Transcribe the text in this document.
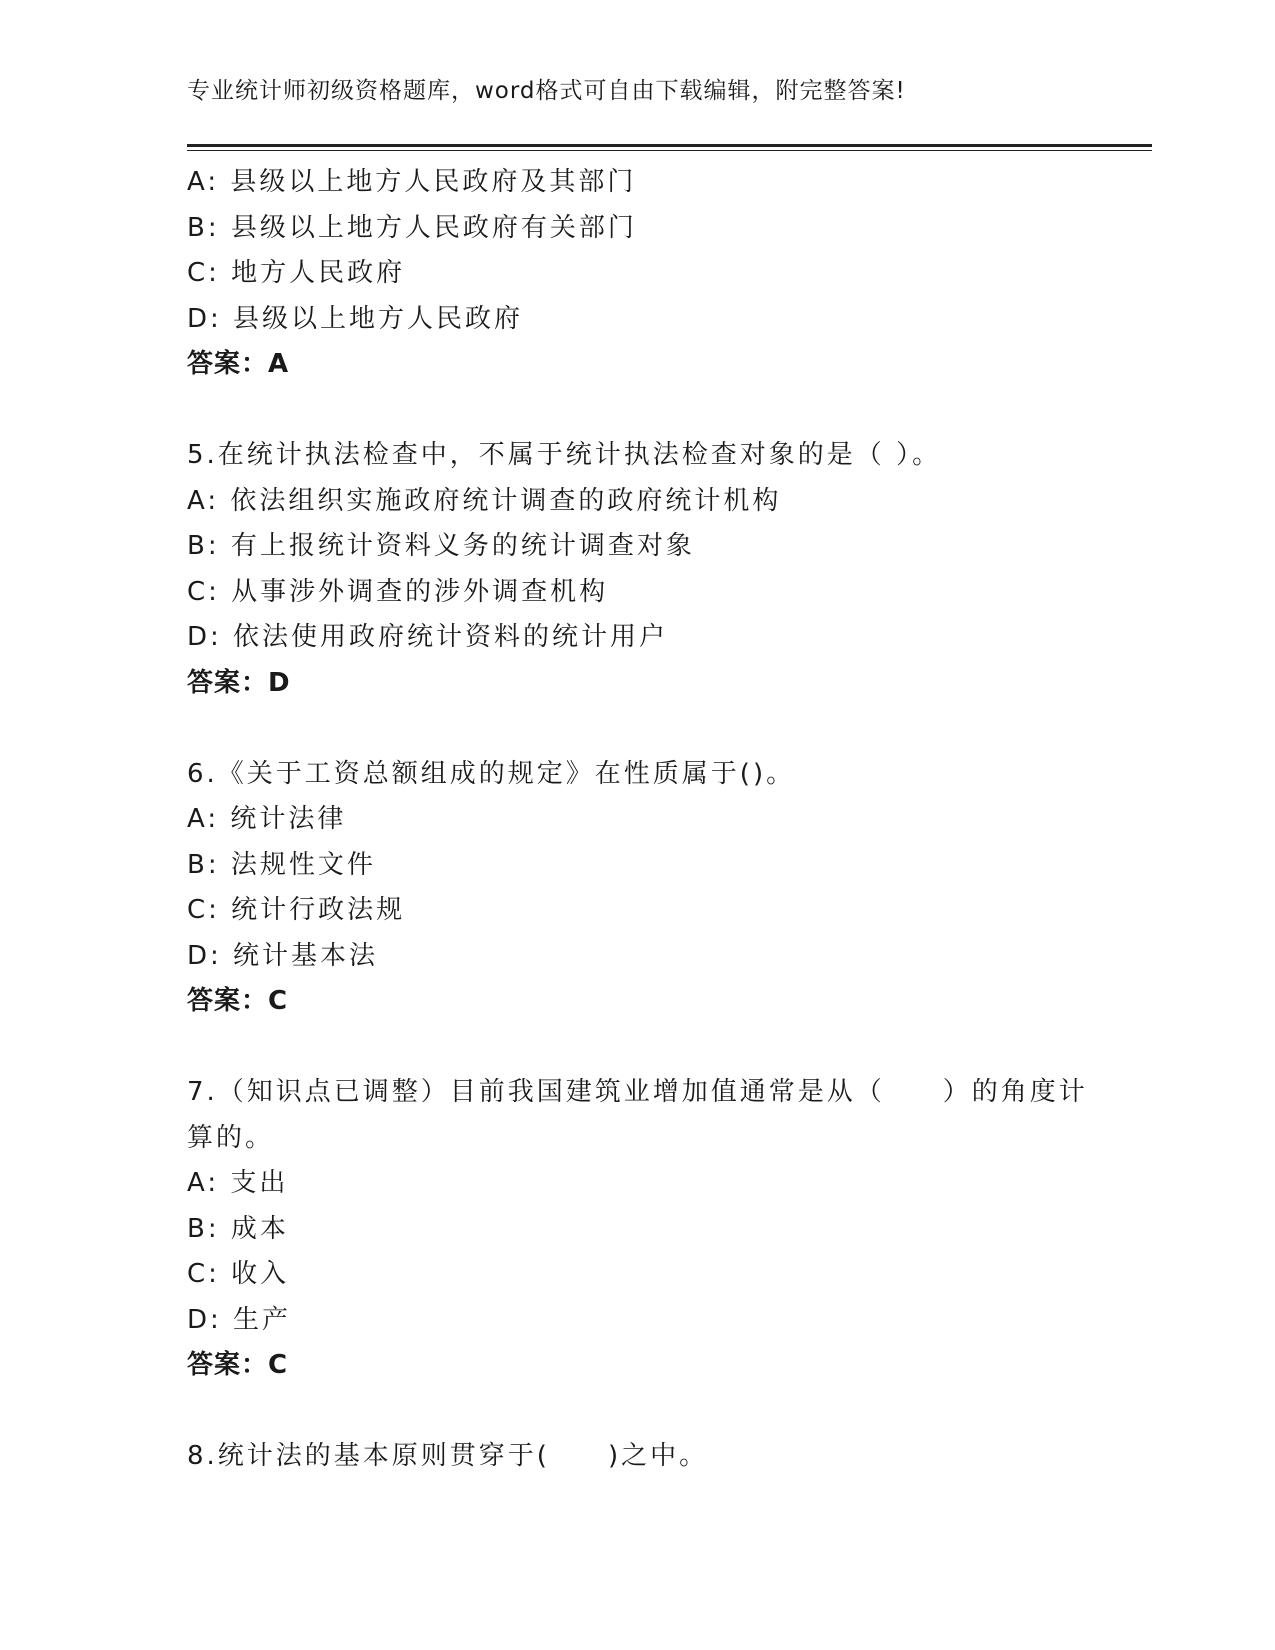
专业统计师初级资格题库，word格式可自由下载编辑，附完整答案!
A: 县级以上地方人民政府及其部门
B: 县级以上地方人民政府有关部门
C: 地方人民政府
D: 县级以上地方人民政府
答案：A
5.在统计执法检查中，不属于统计执法检查对象的是（ ）。
A: 依法组织实施政府统计调查的政府统计机构
B: 有上报统计资料义务的统计调查对象
C: 从事涉外调查的涉外调查机构
D: 依法使用政府统计资料的统计用户
答案：D
6.《关于工资总额组成的规定》在性质属于()。
A: 统计法律
B: 法规性文件
C: 统计行政法规
D: 统计基本法
答案：C
7.（知识点已调整）目前我国建筑业增加值通常是从（　　）的角度计
算的。
A: 支出
B: 成本
C: 收入
D: 生产
答案：C
8.统计法的基本原则贯穿于(　　)之中。
